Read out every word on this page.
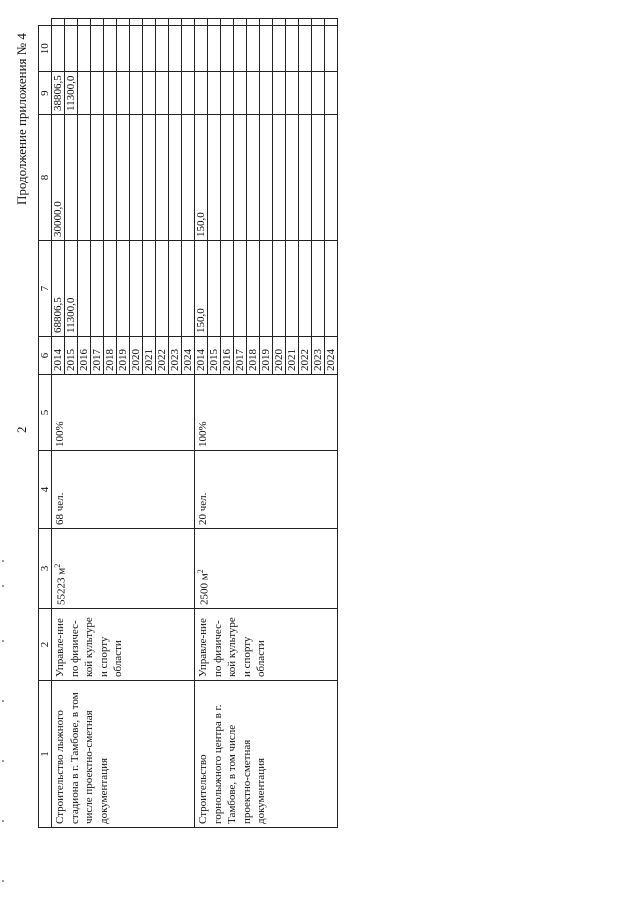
2
Продолжение приложения № 4
1	2	3	4	5	6	7	8	9	10	
Строительство лыжного стадиона в г. Тамбове, в том числе проектно-сметная документация	Управле-ние по физичес-кой культуре и спорту области	55223 $м^2$	68 чел.	100%	2014	68806,5	30000,0	38806,5		
					2015	11300,0		11300,0		
					2016					
					2017					
					2018					
					2019					
					2020					
					2021					
					2022					
					2023					
					2024					
Строительство горнолыжного центра в г. Тамбове, в том числе проектно-сметная документация	Управле-ние по физичес-кой культуре и спорту области	2500 $м^2$	20 чел.	100%	2014	150,0	150,0			
					2015					
					2016					
					2017					
					2018					
					2019					
					2020					
					2021					
					2022					
					2023					
					2024					
